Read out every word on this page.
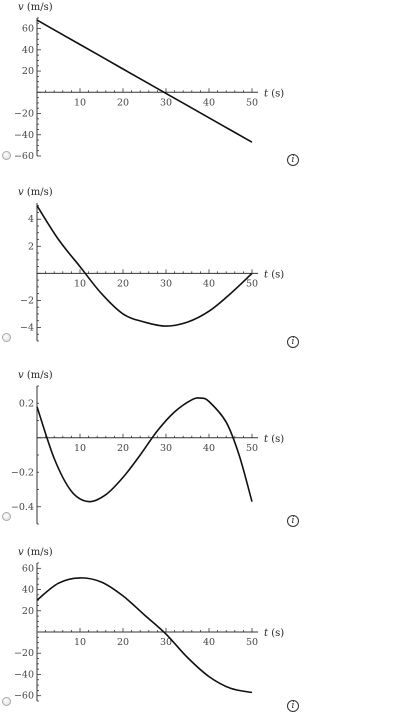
v (m/s)
t (s)
10	20	30	40	50
60
40
20
−20
−40
−60	i
v (m/s)
t (s)
10	20	30	40	50
4
2
−2
−4
i
v (m/s)
t (s)
10	20	30	40	50
0.2
−0.2
−0.4
i
v (m/s)
t (s)
10	20	30	40	50
60
40
20
−20
−40
−60
i
